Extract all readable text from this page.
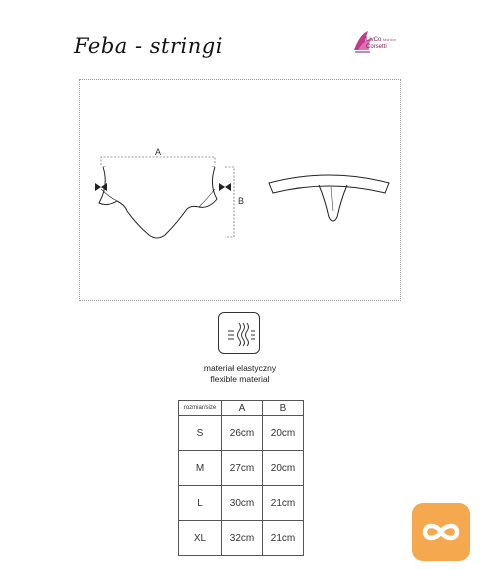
Feba - stringi	LivCo fashion
Corsetti
A
B
materiał elastyczny
flexible material
rozmiar/size	A	B
S	26cm	20cm
M	27cm	20cm
L	30cm	21cm
XL	32cm	21cm
